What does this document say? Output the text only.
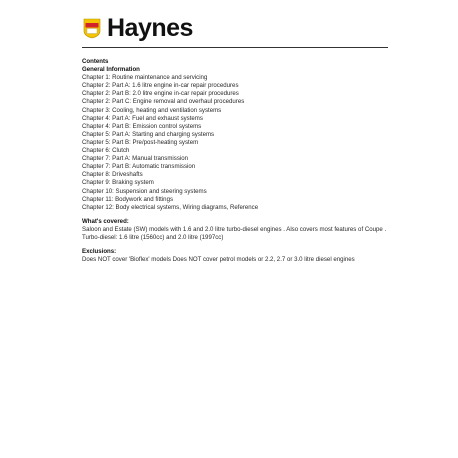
Haynes
Contents
General Information
Chapter 1: Routine maintenance and servicing
Chapter 2: Part A: 1.6 litre engine in-car repair procedures
Chapter 2: Part B: 2.0 litre engine in-car repair procedures
Chapter 2: Part C: Engine removal and overhaul procedures
Chapter 3: Cooling, heating and ventilation systems
Chapter 4: Part A: Fuel and exhaust systems
Chapter 4: Part B: Emission control systems
Chapter 5: Part A: Starting and charging systems
Chapter 5: Part B: Pre/post-heating system
Chapter 6: Clutch
Chapter 7: Part A: Manual transmission
Chapter 7: Part B: Automatic transmission
Chapter 8: Driveshafts
Chapter 9: Braking system
Chapter 10: Suspension and steering systems
Chapter 11: Bodywork and fittings
Chapter 12: Body electrical systems, Wiring diagrams, Reference
What's covered:
Saloon and Estate (SW) models with 1.6 and 2.0 litre turbo-diesel engines . Also covers most features of Coupe . Turbo-diesel: 1.6 litre (1560cc) and 2.0 litre (1997cc)
Exclusions:
Does NOT cover 'Bioflex' models Does NOT cover petrol models or 2.2, 2.7 or 3.0 litre diesel engines
